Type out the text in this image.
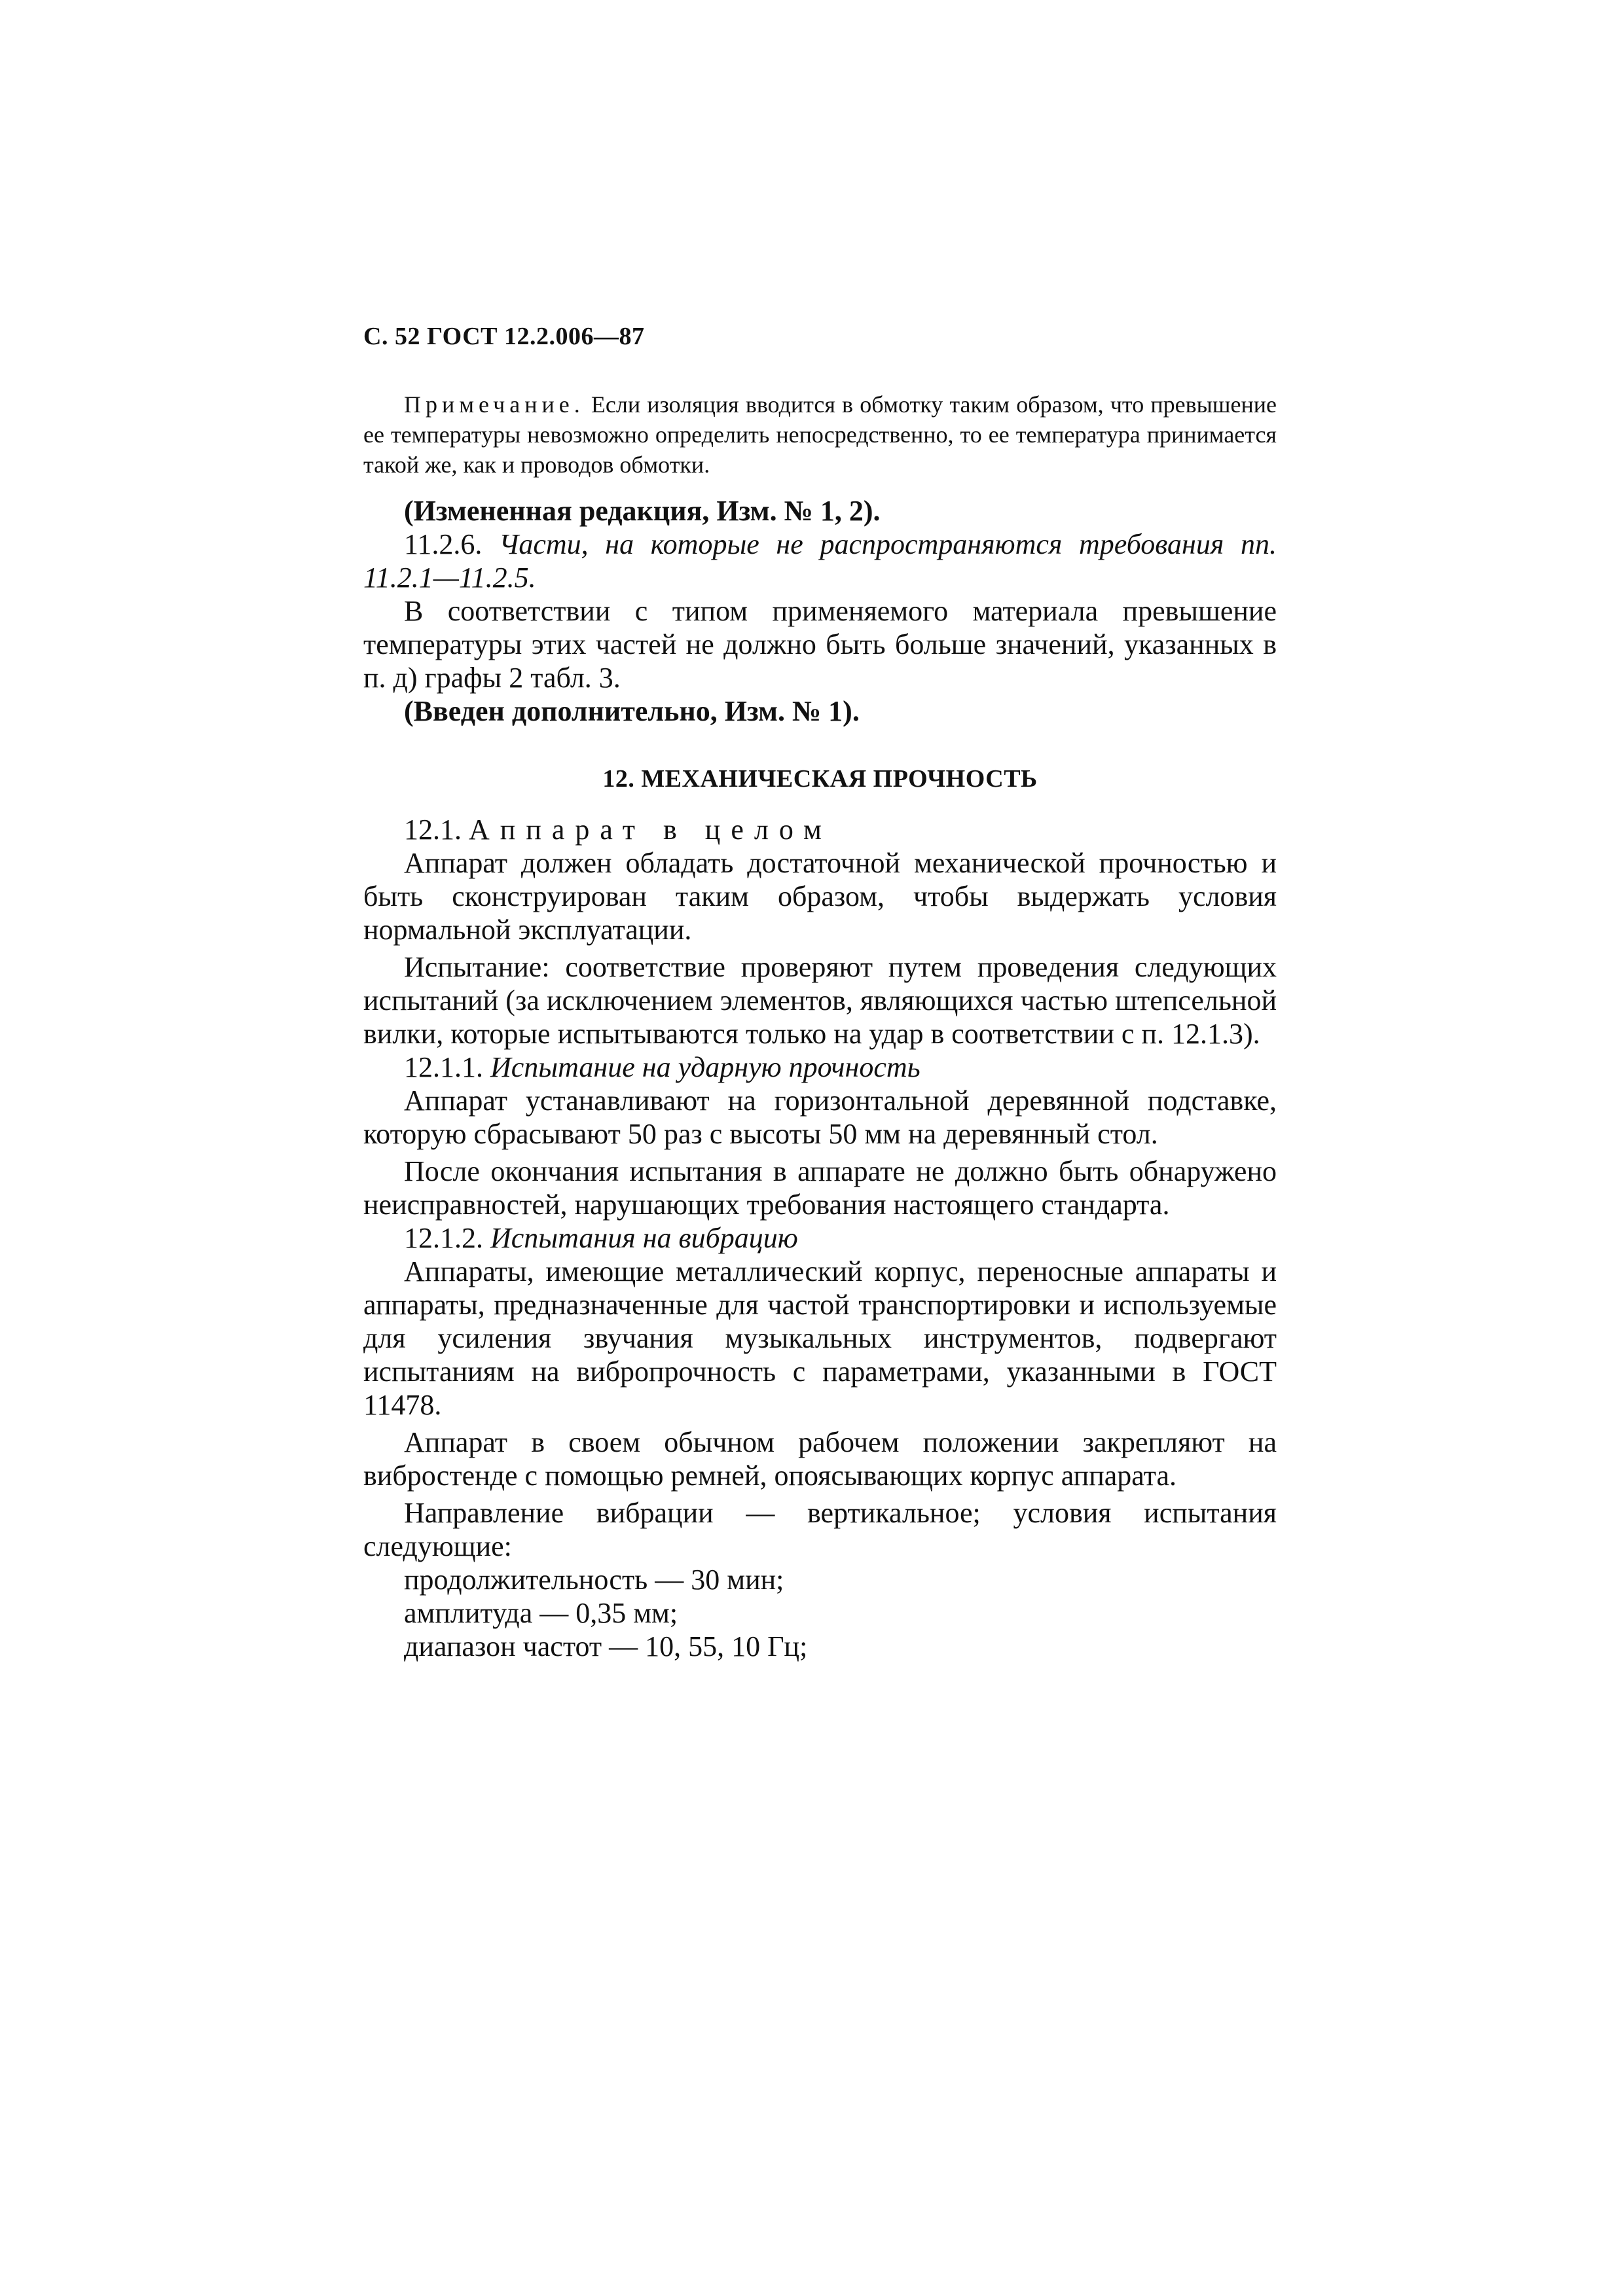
С. 52 ГОСТ 12.2.006—87

Примечание. Если изоляция вводится в обмотку таким образом, что превышение ее температуры невозможно определить непосредственно, то ее температура принимается такой же, как и проводов обмотки.

(Измененная редакция, Изм. № 1, 2).

11.2.6. Части, на которые не распространяются требования пп. 11.2.1—11.2.5.

В соответствии с типом применяемого материала превышение температуры этих частей не должно быть больше значений, указанных в п. д) графы 2 табл. 3.

(Введен дополнительно, Изм. № 1).

12. МЕХАНИЧЕСКАЯ ПРОЧНОСТЬ

12.1. Аппарат в целом

Аппарат должен обладать достаточной механической прочностью и быть сконструирован таким образом, чтобы выдержать условия нормальной эксплуатации.

Испытание: соответствие проверяют путем проведения следующих испытаний (за исключением элементов, являющихся частью штепсельной вилки, которые испытываются только на удар в соответствии с п. 12.1.3).

12.1.1. Испытание на ударную прочность

Аппарат устанавливают на горизонтальной деревянной подставке, которую сбрасывают 50 раз с высоты 50 мм на деревянный стол.

После окончания испытания в аппарате не должно быть обнаружено неисправностей, нарушающих требования настоящего стандарта.

12.1.2. Испытания на вибрацию

Аппараты, имеющие металлический корпус, переносные аппараты и аппараты, предназначенные для частой транспортировки и используемые для усиления звучания музыкальных инструментов, подвергают испытаниям на вибропрочность с параметрами, указанными в ГОСТ 11478.

Аппарат в своем обычном рабочем положении закрепляют на вибростенде с помощью ремней, опоясывающих корпус аппарата.

Направление вибрации — вертикальное; условия испытания следующие:

продолжительность — 30 мин;

амплитуда — 0,35 мм;

диапазон частот — 10, 55, 10 Гц;
